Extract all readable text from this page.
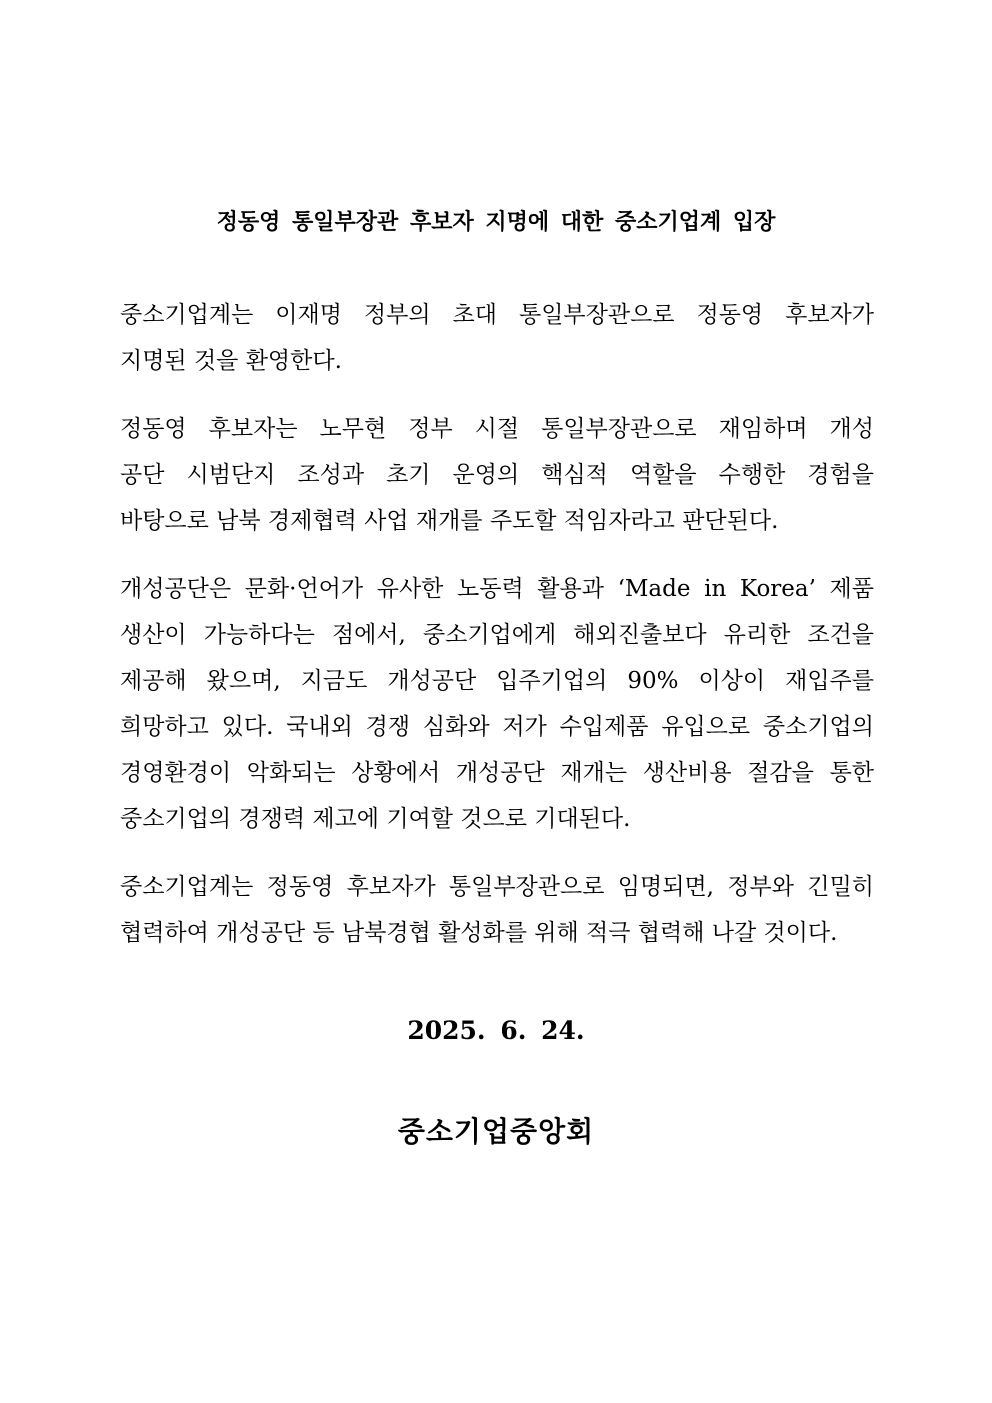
정동영 통일부장관 후보자 지명에 대한 중소기업계 입장
중소기업계는 이재명 정부의 초대 통일부장관으로 정동영 후보자가
지명된 것을 환영한다.
정동영 후보자는 노무현 정부 시절 통일부장관으로 재임하며 개성
공단 시범단지 조성과 초기 운영의 핵심적 역할을 수행한 경험을
바탕으로 남북 경제협력 사업 재개를 주도할 적임자라고 판단된다.
개성공단은 문화·언어가 유사한 노동력 활용과 ‘Made in Korea’ 제품
생산이 가능하다는 점에서, 중소기업에게 해외진출보다 유리한 조건을
제공해 왔으며, 지금도 개성공단 입주기업의 90% 이상이 재입주를
희망하고 있다. 국내외 경쟁 심화와 저가 수입제품 유입으로 중소기업의
경영환경이 악화되는 상황에서 개성공단 재개는 생산비용 절감을 통한
중소기업의 경쟁력 제고에 기여할 것으로 기대된다.
중소기업계는 정동영 후보자가 통일부장관으로 임명되면, 정부와 긴밀히
협력하여 개성공단 등 남북경협 활성화를 위해 적극 협력해 나갈 것이다.
2025. 6. 24.
중소기업중앙회
